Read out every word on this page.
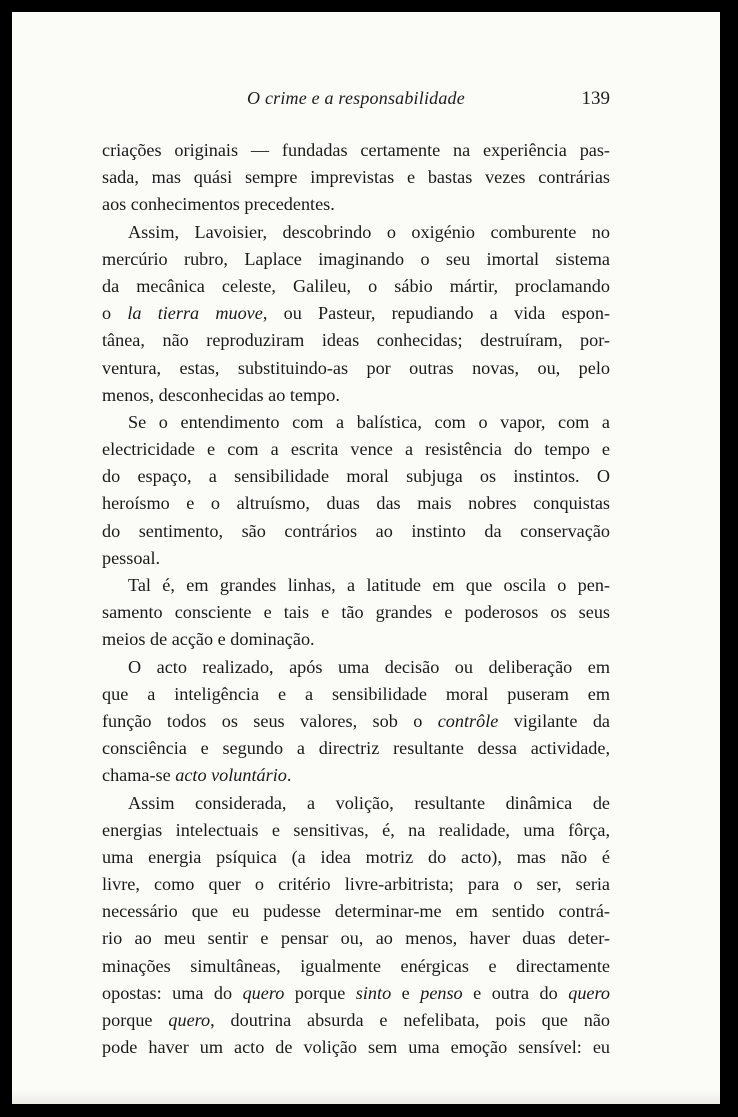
O crime e a responsabilidade	139
criações originais — fundadas certamente na experiência pas-
sada, mas quási sempre imprevistas e bastas vezes contrárias
aos conhecimentos precedentes.
Assim, Lavoisier, descobrindo o oxigénio comburente no
mercúrio rubro, Laplace imaginando o seu imortal sistema
da mecânica celeste, Galileu, o sábio mártir, proclamando
o la tierra muove, ou Pasteur, repudiando a vida espon-
tânea, não reproduziram ideas conhecidas; destruíram, por-
ventura, estas, substituindo-as por outras novas, ou, pelo
menos, desconhecidas ao tempo.
Se o entendimento com a balística, com o vapor, com a
electricidade e com a escrita vence a resistência do tempo e
do espaço, a sensibilidade moral subjuga os instintos. O
heroísmo e o altruísmo, duas das mais nobres conquistas
do sentimento, são contrários ao instinto da conservação
pessoal.
Tal é, em grandes linhas, a latitude em que oscila o pen-
samento consciente e tais e tão grandes e poderosos os seus
meios de acção e dominação.
O acto realizado, após uma decisão ou deliberação em
que a inteligência e a sensibilidade moral puseram em
função todos os seus valores, sob o contrôle vigilante da
consciência e segundo a directriz resultante dessa actividade,
chama-se acto voluntário.
Assim considerada, a volição, resultante dinâmica de
energias intelectuais e sensitivas, é, na realidade, uma fôrça,
uma energia psíquica (a idea motriz do acto), mas não é
livre, como quer o critério livre-arbitrista; para o ser, seria
necessário que eu pudesse determinar-me em sentido contrá-
rio ao meu sentir e pensar ou, ao menos, haver duas deter-
minações simultâneas, igualmente enérgicas e directamente
opostas: uma do quero porque sinto e penso e outra do quero
porque quero, doutrina absurda e nefelibata, pois que não
pode haver um acto de volição sem uma emoção sensível: eu
